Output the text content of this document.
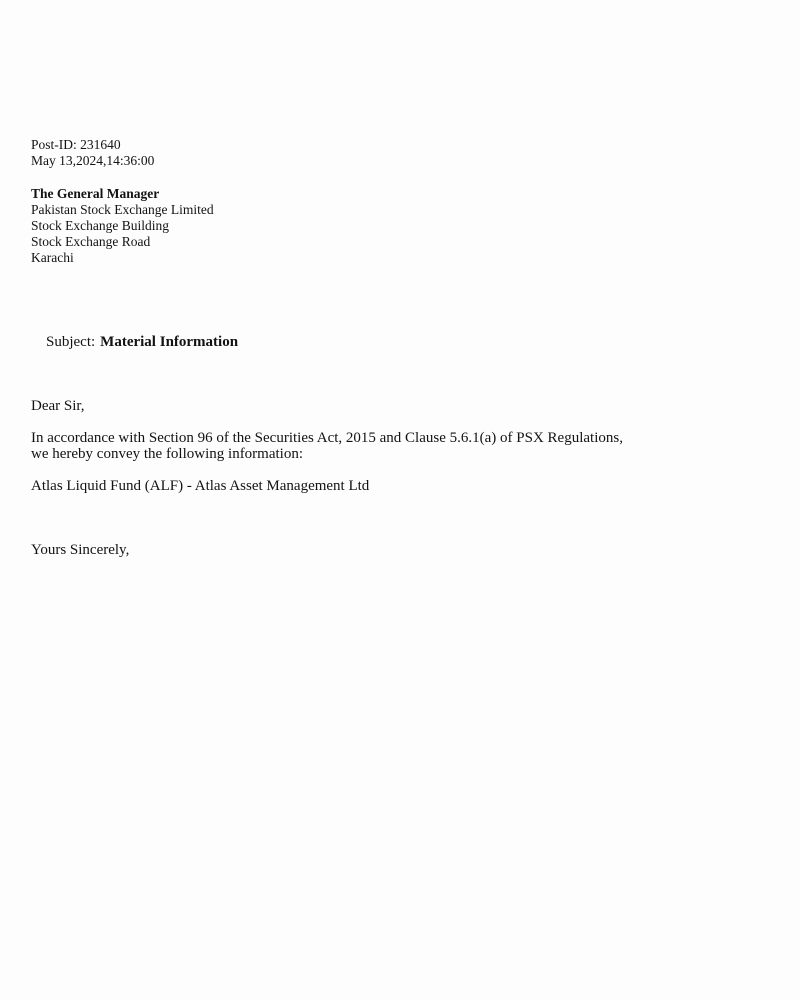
Post-ID: 231640
May 13,2024,14:36:00
The General Manager
Pakistan Stock Exchange Limited
Stock Exchange Building
Stock Exchange Road
Karachi

Subject: Material Information

Dear Sir,
In accordance with Section 96 of the Securities Act, 2015 and Clause 5.6.1(a) of PSX Regulations,
we hereby convey the following information:
Atlas Liquid Fund (ALF) - Atlas Asset Management Ltd
Yours Sincerely,
